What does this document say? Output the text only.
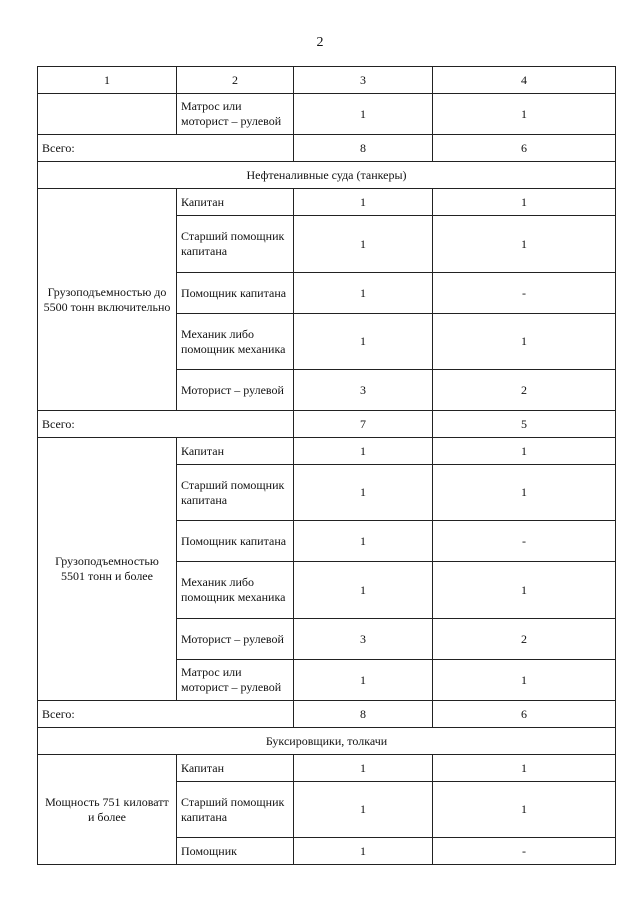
2
1	2	3	4
	Матрос или моторист – рулевой	1	1
Всего:		8	6
Нефтеналивные суда (танкеры)			
Грузоподъемностью до 5500 тонн включительно	Капитан	1	1
	Старший помощник капитана	1	1
	Помощник капитана	1	-
	Механик либо помощник механика	1	1
	Моторист – рулевой	3	2
Всего:		7	5
Грузоподъемностью 5501 тонн и более	Капитан	1	1
	Старший помощник капитана	1	1
	Помощник капитана	1	-
	Механик либо помощник механика	1	1
	Моторист – рулевой	3	2
	Матрос или моторист – рулевой	1	1
Всего:		8	6
Буксировщики, толкачи			
Мощность 751 киловатт и более	Капитан	1	1
	Старший помощник капитана	1	1
	Помощник	1	-
